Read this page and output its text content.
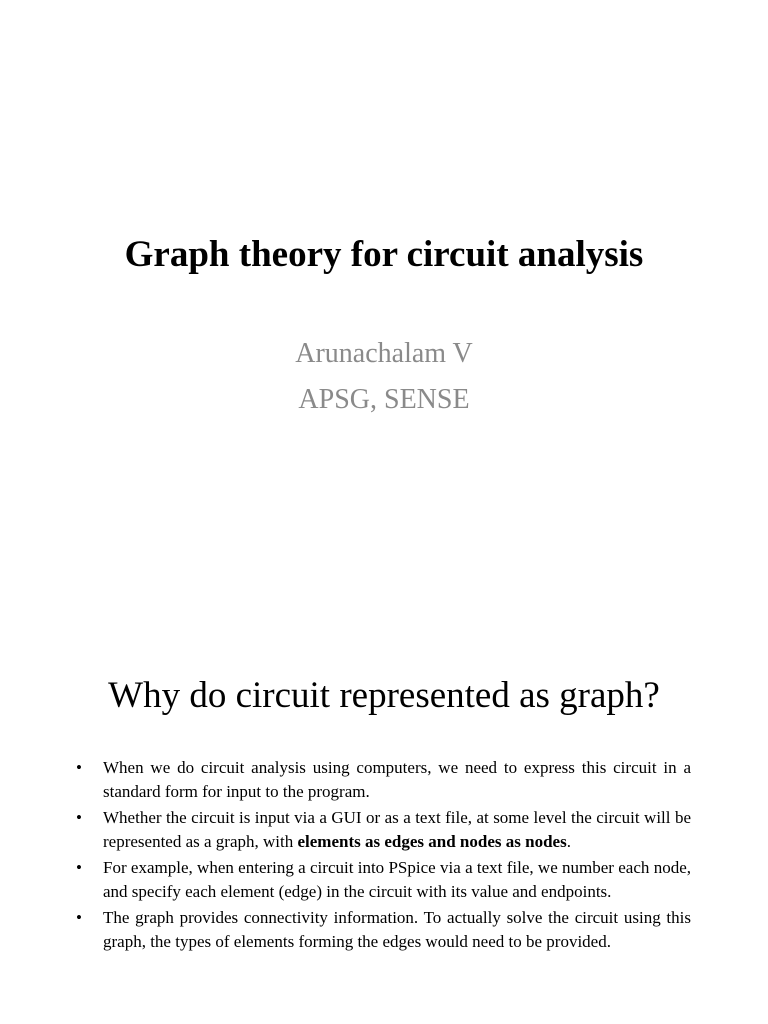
Graph theory for circuit analysis
Arunachalam V
APSG, SENSE
Why do circuit represented as graph?
• When we do circuit analysis using computers, we need to express this circuit in a standard form for input to the program.
• Whether the circuit is input via a GUI or as a text file, at some level the circuit will be represented as a graph, with elements as edges and nodes as nodes.
• For example, when entering a circuit into PSpice via a text file, we number each node, and specify each element (edge) in the circuit with its value and endpoints.
• The graph provides connectivity information. To actually solve the circuit using this graph, the types of elements forming the edges would need to be provided.
